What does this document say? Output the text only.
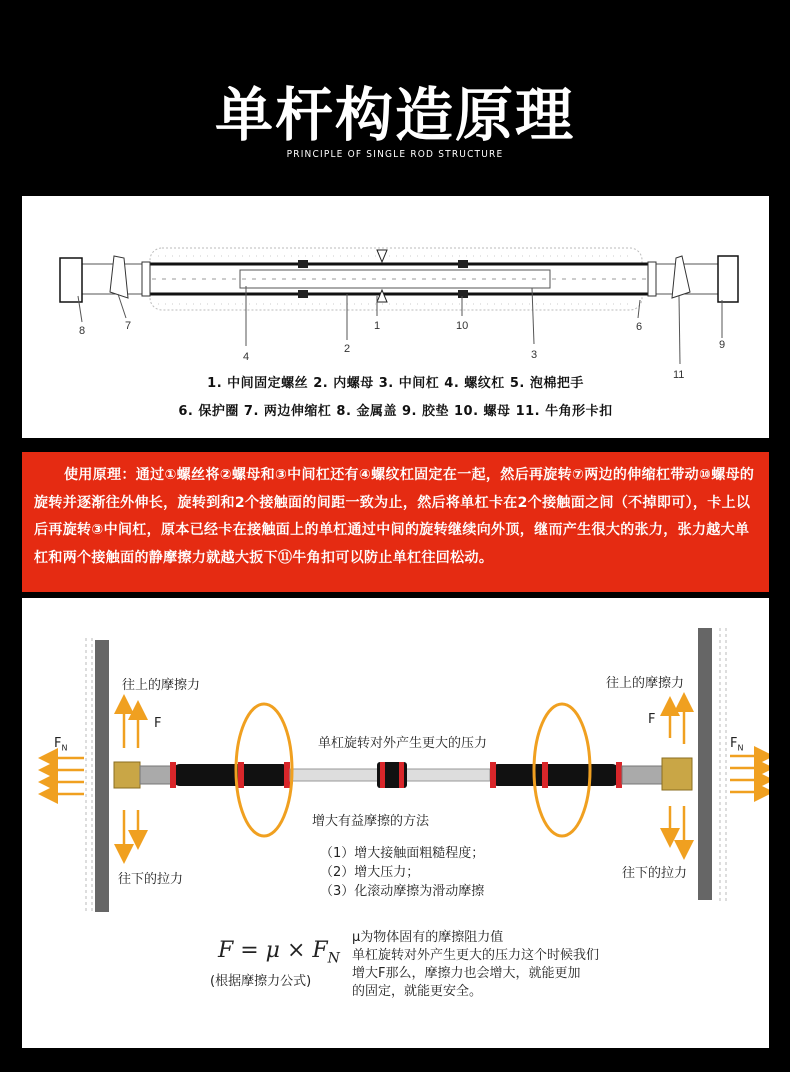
单杆构造原理
PRINCIPLE OF SINGLE ROD STRUCTURE
8	7
4
2
1	10
3
6
11
9
1. 中间固定螺丝 2. 内螺母 3. 中间杠 4. 螺纹杠 5. 泡棉把手
6. 保护圈 7. 两边伸缩杠 8. 金属盖 9. 胶垫 10. 螺母 11. 牛角形卡扣

使用原理：通过①螺丝将②螺母和③中间杠还有④螺纹杠固定在一起，然后再旋转⑦两边的伸缩杠带动⑩螺母的旋转并逐渐往外伸长，旋转到和2个接触面的间距一致为止，然后将单杠卡在2个接触面之间（不掉即可），卡上以后再旋转③中间杠，原本已经卡在接触面上的单杠通过中间的旋转继续向外顶，继而产生很大的张力，张力越大单杠和两个接触面的静摩擦力就越大扳下⑪牛角扣可以防止单杠往回松动。

往上的摩擦力	往上的摩擦力
F	F
$F_N$	$F_N$
单杠旋转对外产生更大的压力
增大有益摩擦的方法
往下的拉力	往下的拉力
（1）增大接触面粗糙程度；
（2）增大压力；
（3）化滚动摩擦为滑动摩擦
$F = \mu \times F_N$
(根据摩擦力公式)
μ为物体固有的摩擦阻力值
单杠旋转对外产生更大的压力这个时候我们
增大F那么，摩擦力也会增大，就能更加
的固定，就能更安全。
